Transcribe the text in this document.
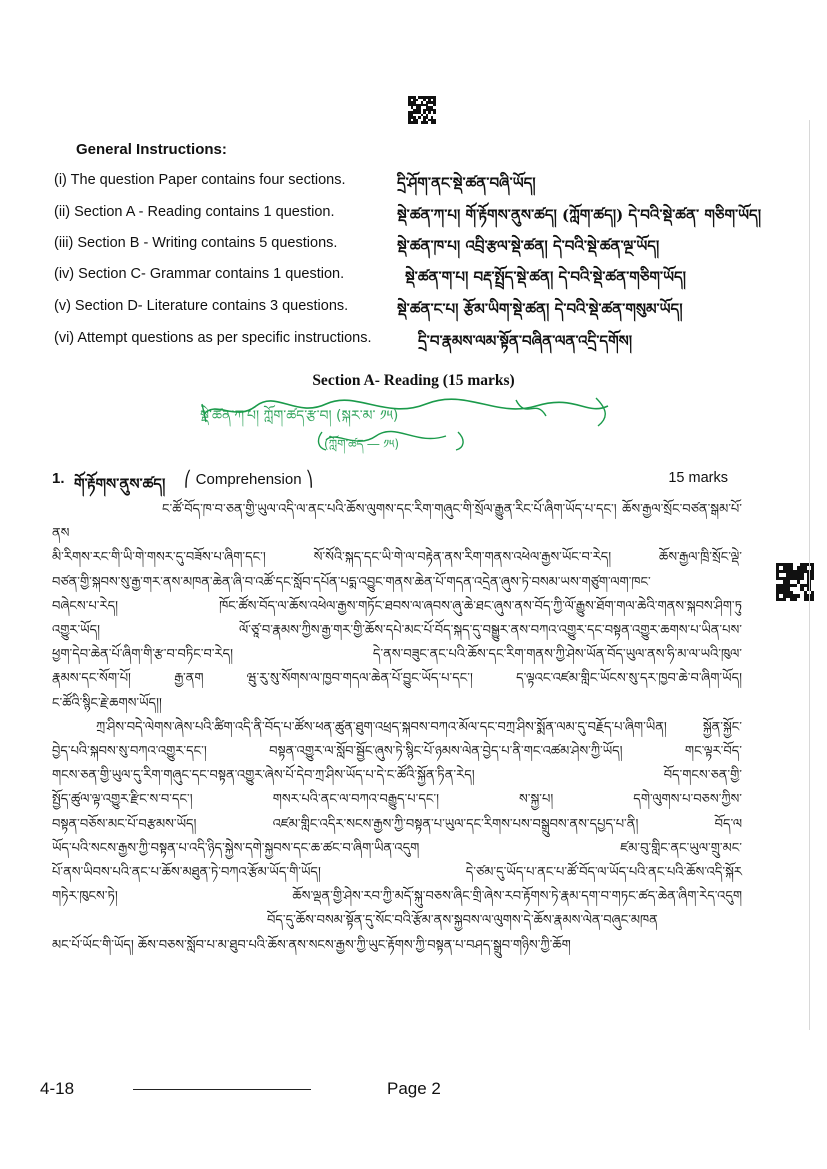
General Instructions:
(i) The question Paper contains four sections.	དྲི་ཤོག་ནང་སྡེ་ཚན་བཞི་ཡོད།
(ii) Section A - Reading contains 1 question.	སྡེ་ཚན་ཀ་པ། གོ་རྟོགས་ནུས་ཚད། (ཀློག་ཚད།) དེ་བའི་སྡེ་ཚན་ གཅིག་ཡོད།
(iii) Section B - Writing contains 5 questions.	སྡེ་ཚན་ཁ་པ། འབྲི་རྩལ་སྡེ་ཚན། དེ་བའི་སྡེ་ཚན་ལྔ་ཡོད།
(iv) Section C- Grammar contains 1 question.	སྡེ་ཚན་ག་པ། བརྡ་སྤྲོད་སྡེ་ཚན། དེ་བའི་སྡེ་ཚན་གཅིག་ཡོད།
(v) Section D- Literature contains 3 questions.	སྡེ་ཚན་ང་པ། རྩོམ་ཡིག་སྡེ་ཚན། དེ་བའི་སྡེ་ཚན་གསུམ་ཡོད།
(vi) Attempt questions as per specific instructions.	དྲི་བ་རྣམས་ལམ་སྟོན་བཞིན་ལན་འདྲི་དགོས།
Section A- Reading (15 marks)
སྡེ་ཚན་ཀ་པ། ཀློག་ཚད་རྩ་བ། (སྐར་མ་ ༡༥)
(ཀློག་ཚད ― ༡༥)
1. གོ་རྟོགས་ནུས་ཚད། ⎛ Comprehension ⎞	15 marks

ང་ཚོ་བོད་ཁ་བ་ཅན་གྱི་ཡུལ་འདི་ལ་ནང་པའི་ཆོས་ལུགས་དང་རིག་གཞུང་གི་སྲོལ་རྒྱུན་རིང་པོ་ཞིག་ཡོད་པ་དང་། ཆོས་རྒྱལ་སྲོང་བཙན་སྒམ་པོ་ནས

མི་རིགས་རང་གི་ཡི་གེ་གསར་དུ་བཟོས་པ་ཞིག་དང་། སོ་སོའི་སྐད་དང་ཡི་གེ་ལ་བརྟེན་ནས་རིག་གནས་འཕེལ་རྒྱས་ཡོང་བ་རེད། ཆོས་རྒྱལ་ཁྲི་སྲོང་ལྡེ་

བཙན་གྱི་སྐབས་སུ་རྒྱ་གར་ནས་མཁན་ཆེན་ཞི་བ་འཚོ་དང་སློབ་དཔོན་པདྨ་འབྱུང་གནས་ཆེན་པོ་གདན་འདྲེན་ཞུས་ཏེ་བསམ་ཡས་གཙུག་ལག་ཁང་

བཞེངས་པ་རེད། ཁོང་ཚོས་བོད་ལ་ཆོས་འཕེལ་རྒྱས་གཏོང་ཐབས་ལ་ཞབས་ཞུ་ཆེ་ཐང་ཞུས་ནས་བོད་ཀྱི་ལོ་རྒྱུས་ཐོག་གལ་ཆེའི་གནས་སྐབས་ཤིག་ཏུ

འགྱུར་ཡོད། ལོ་ཙཱ་བ་རྣམས་ཀྱིས་རྒྱ་གར་གྱི་ཆོས་དཔེ་མང་པོ་བོད་སྐད་དུ་བསྒྱུར་ནས་བཀའ་འགྱུར་དང་བསྟན་འགྱུར་ཆགས་པ་ཡིན་པས་

ཕྱག་དེབ་ཆེན་པོ་ཞིག་གི་རྩ་བ་བཏིང་བ་རེད། དེ་ནས་བཟུང་ནང་པའི་ཆོས་དང་རིག་གནས་ཀྱི་ཤེས་ཡོན་བོད་ཡུལ་ནས་ཧི་མ་ལ་ཡའི་ཁུལ་

རྣམས་དང་སོག་པོ། རྒྱ་ནག ཝུ་རུ་སུ་སོགས་ལ་ཁྱབ་གདལ་ཆེན་པོ་བྱུང་ཡོད་པ་དང་། ད་ལྟའང་འཛམ་གླིང་ཡོངས་སུ་དར་ཁྱབ་ཆེ་བ་ཞིག་ཡོད།

ང་ཚོའི་སྙིང་རྗེ་ཆགས་ཡོད།།

ཀྲ་ཤིས་བདེ་ལེགས་ཞེས་པའི་ཚིག་འདི་ནི་བོད་པ་ཚོས་ཕན་ཚུན་ཐུག་འཕྲད་སྐབས་བཀའ་མོལ་དང་བཀྲ་ཤིས་སྨོན་ལམ་དུ་བརྗོད་པ་ཞིག་ཡིན། སྐྱོན་སྐྱོང་

བྱེད་པའི་སྐབས་སུ་བཀའ་འགྱུར་དང་། བསྟན་འགྱུར་ལ་སློབ་སྦྱོང་ཞུས་ཏེ་སྙིང་པོ་ཉམས་ལེན་བྱེད་པ་ནི་གང་འཚམ་ཤེས་ཀྱི་ཡོད། གང་ལྟར་བོད་

གངས་ཅན་གྱི་ཡུལ་དུ་རིག་གཞུང་དང་བསྟན་འགྱུར་ཞེས་པོ་དེབ་ཀྲ་ཤིས་ཡོད་པ་དེ་ང་ཚོའི་སྐྱོན་ཏིན་རེད། བོད་གངས་ཅན་གྱི་

སྤྱོད་ཚུལ་ལྟ་འགྱུར་རྫིང་ས་བ་དང་། གསར་པའི་ནང་ལ་བཀའ་བརྒྱུད་པ་དང་། ས་སྐྱ་པ། དགེ་ལུགས་པ་བཅས་ཀྱིས་

བསྟན་བཅོས་མང་པོ་བརྩམས་ཡོད། འཛམ་གླིང་འདིར་སངས་རྒྱས་ཀྱི་བསྟན་པ་ཡུལ་དང་རིགས་པས་བསྒྲུབས་ནས་དཔྱད་པ་ནི། བོད་ལ

ཡོད་པའི་སངས་རྒྱས་ཀྱི་བསྟན་པ་འདི་ཉིད་སྐྱེས་དགེ་སྐྱབས་དང་ཆ་ཚང་བ་ཞིག་ཡིན་འདུག ཛམ་བུ་གླིང་ནང་ཡུལ་གྲུ་མང་

པོ་ནས་ཡིབས་པའི་ནང་པ་ཆོས་མཐུན་ཏེ་བཀའ་རྩོམ་ཡོད་གི་ཡོད། དེ་ཙམ་དུ་ཡོད་པ་ནང་པ་ཚོ་བོད་ལ་ཡོད་པའི་ནང་པའི་ཆོས་འདི་སྐོར

གཏེར་ཁུངས་ཏེ། ཆོས་ལྡན་གྱི་ཤེས་རབ་ཀྱི་མདོ་སྐུ་བཅས་ཞིང་གྲི་ཞེས་རབ་རྟོགས་ཏེ་རྣམ་དག་བ་གཏང་ཚད་ཆེན་ཞིག་རེད་འདུག

བོད་དུ་ཆོས་བསམ་སྟོན་དུ་སོང་བའི་རྩོམ་ནས་སྐྱབས་ལ་ལུགས་དེ་ཆོས་རྣམས་ལེན་བཞུང་མཁན

མང་པོ་ཡོང་གི་ཡོད། ཆོས་བཅས་སློབ་པ་མ་ཐུབ་པའི་ཆོས་ནས་སངས་རྒྱས་ཀྱི་ཡུང་རྟོགས་ཀྱི་བསྟན་པ་བཤད་སྒྲུབ་གཉིས་ཀྱི་ཆོག

4-18	Page 2
